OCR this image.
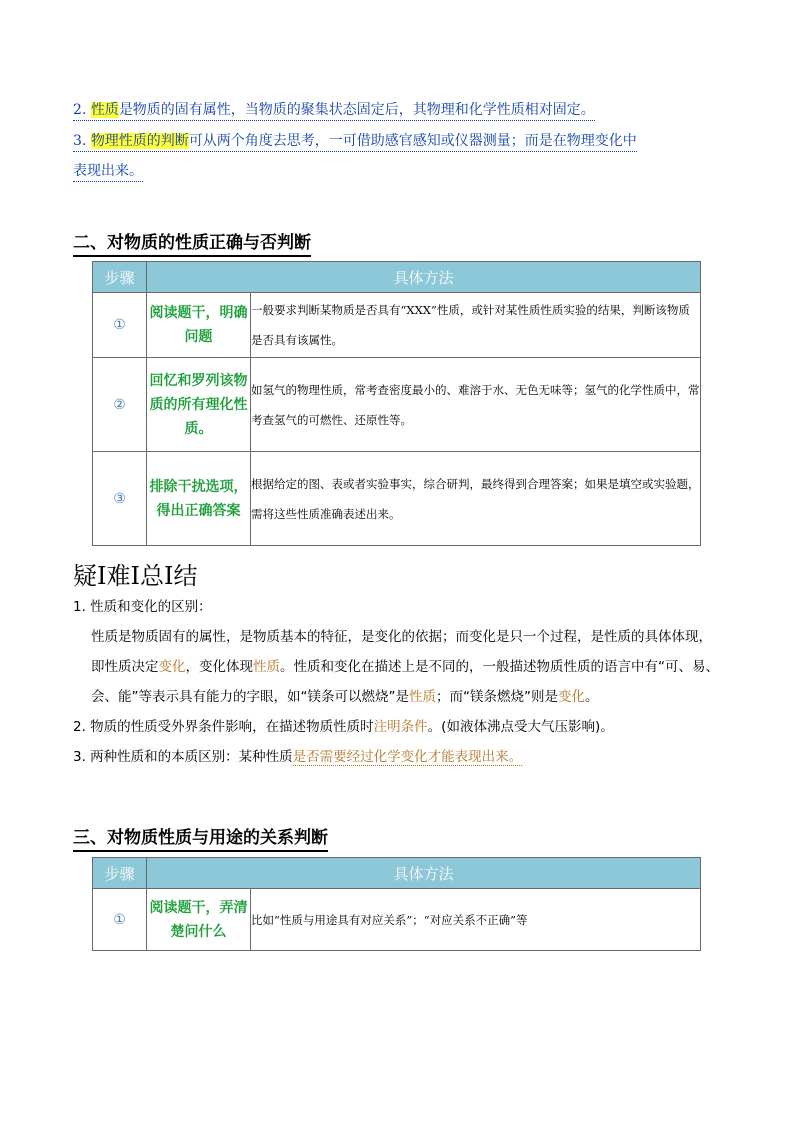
2. 性质是物质的固有属性，当物质的聚集状态固定后，其物理和化学性质相对固定。
3. 物理性质的判断可从两个角度去思考，一可借助感官感知或仪器测量；而是在物理变化中
表现出来。
二、对物质的性质正确与否判断
步骤	具体方法	
①	阅读题干，明确问题	一般要求判断某物质是否具有“XXX”性质，或针对某性质性质实验的结果，判断该物质是否具有该属性。
②	回忆和罗列该物质的所有理化性质。	如氢气的物理性质，常考查密度最小的、难溶于水、无色无味等；氢气的化学性质中，常考查氢气的可燃性、还原性等。
③	排除干扰选项，得出正确答案	根据给定的图、表或者实验事实，综合研判，最终得到合理答案；如果是填空或实验题，需将这些性质准确表述出来。
疑I难I总I结
1. 性质和变化的区别：
性质是物质固有的属性，是物质基本的特征，是变化的依据；而变化是只一个过程，是性质的具体体现，
即性质决定变化，变化体现性质。性质和变化在描述上是不同的，一般描述物质性质的语言中有“可、易、
会、能”等表示具有能力的字眼，如“镁条可以燃烧”是性质；而“镁条燃烧”则是变化。
2. 物质的性质受外界条件影响，在描述物质性质时注明条件。(如液体沸点受大气压影响)。
3. 两种性质和的本质区别：某种性质是否需要经过化学变化才能表现出来。
三、对物质性质与用途的关系判断
步骤	具体方法	
①	阅读题干，弄清楚问什么	比如“性质与用途具有对应关系”；“对应关系不正确”等
